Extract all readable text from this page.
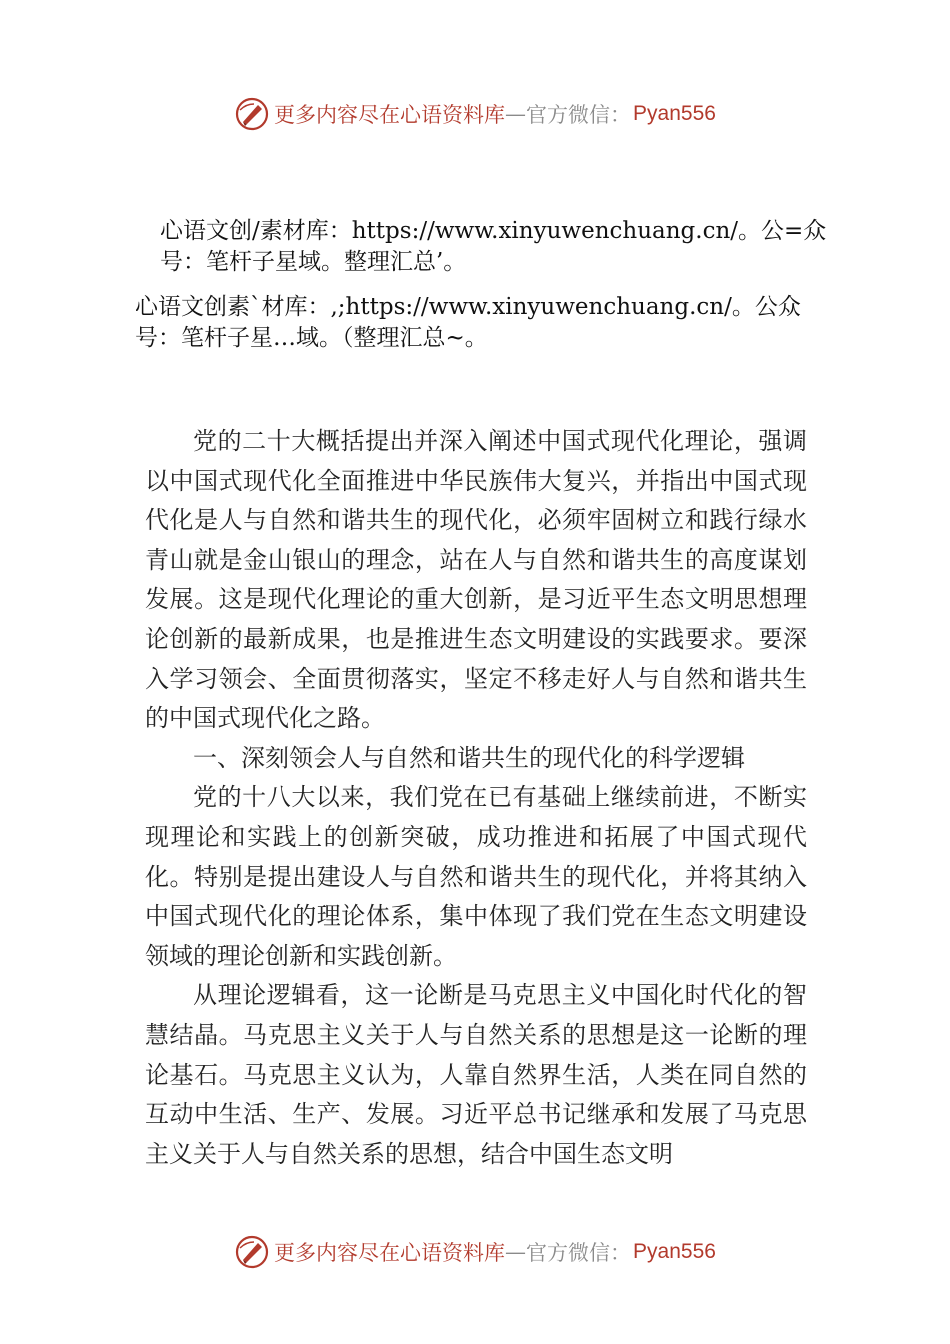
更多内容尽在心语资料库 — 官方微信： Pyan556
心语文创/素材库：https://www.xinyuwenchuang.cn/。公=众号：笔杆子星域。整理汇总’。
心语文创素`材库：,;https://www.xinyuwenchuang.cn/。公众号：笔杆子星…域。（整理汇总~。

党的二十大概括提出并深入阐述中国式现代化理论，强调以中国式现代化全面推进中华民族伟大复兴，并指出中国式现代化是人与自然和谐共生的现代化，必须牢固树立和践行绿水青山就是金山银山的理念，站在人与自然和谐共生的高度谋划发展。这是现代化理论的重大创新，是习近平生态文明思想理论创新的最新成果，也是推进生态文明建设的实践要求。要深入学习领会、全面贯彻落实，坚定不移走好人与自然和谐共生的中国式现代化之路。

一、深刻领会人与自然和谐共生的现代化的科学逻辑

党的十八大以来，我们党在已有基础上继续前进，不断实现理论和实践上的创新突破，成功推进和拓展了中国式现代化。特别是提出建设人与自然和谐共生的现代化，并将其纳入中国式现代化的理论体系，集中体现了我们党在生态文明建设领域的理论创新和实践创新。

从理论逻辑看，这一论断是马克思主义中国化时代化的智慧结晶。马克思主义关于人与自然关系的思想是这一论断的理论基石。马克思主义认为，人靠自然界生活，人类在同自然的互动中生活、生产、发展。习近平总书记继承和发展了马克思主义关于人与自然关系的思想，结合中国生态文明

更多内容尽在心语资料库 — 官方微信： Pyan556
